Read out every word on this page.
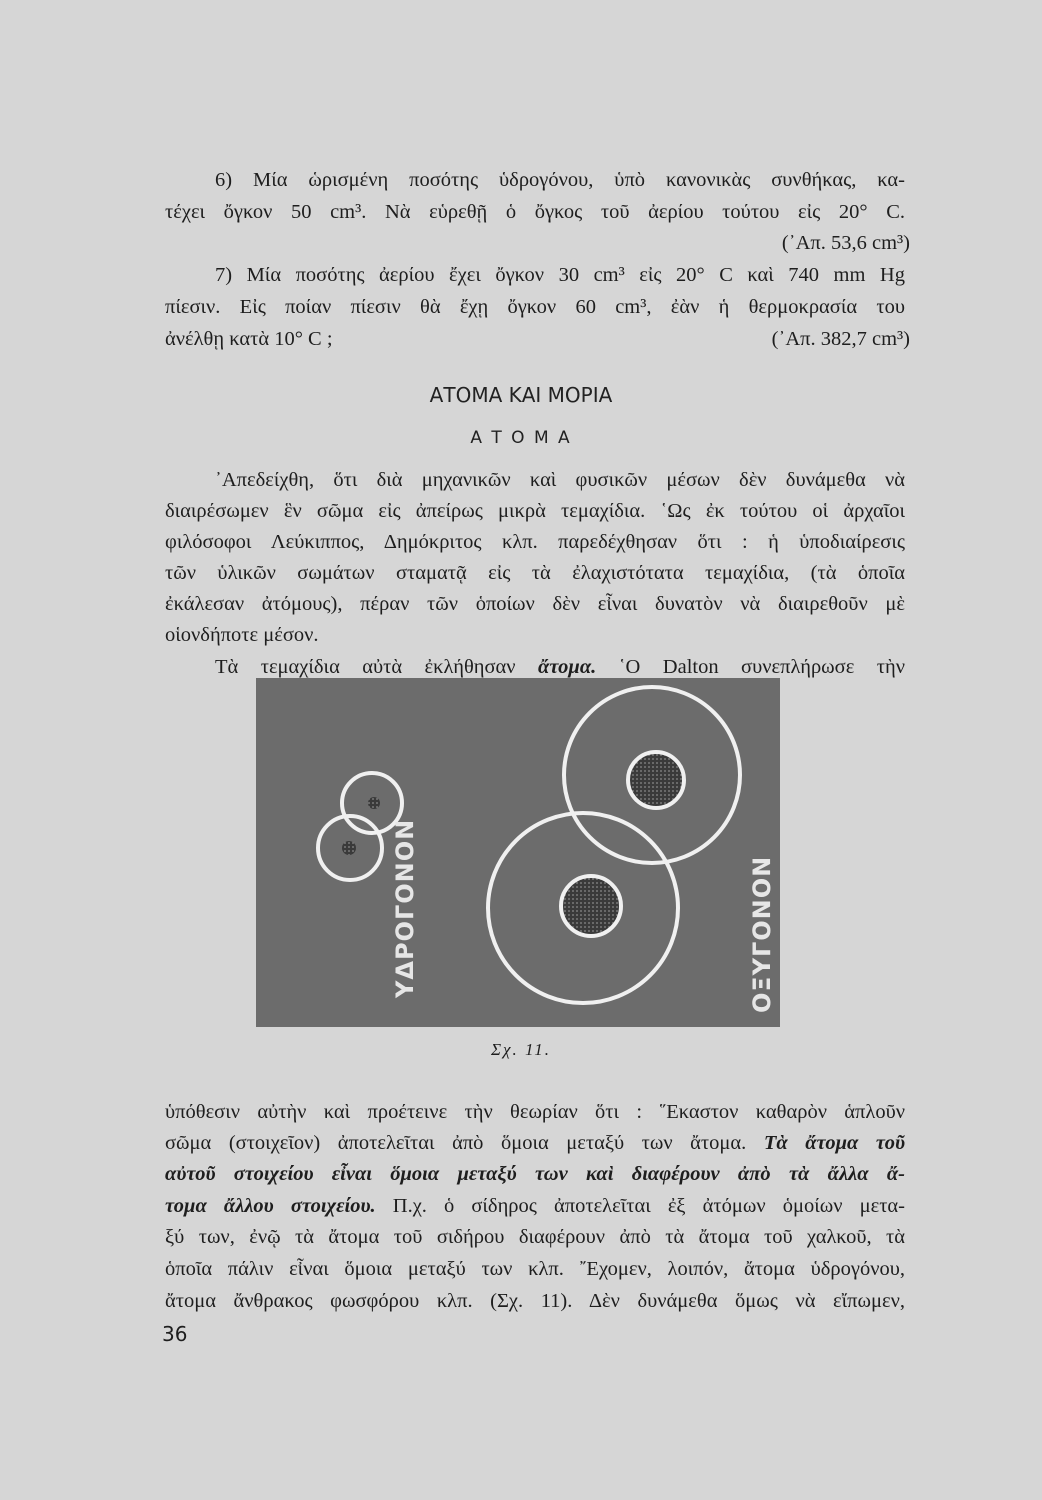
6) Μία ὡρισμένη ποσότης ὑδρογόνου, ὑπὸ κανονικὰς συνθήκας, κα-
τέχει ὄγκον 50 cm³. Νὰ εὑρεθῇ ὁ ὄγκος τοῦ ἀερίου τούτου εἰς 20° C.
(᾿Απ. 53,6 cm³)
7) Μία ποσότης ἀερίου ἔχει ὄγκον 30 cm³ εἰς 20° C καὶ 740 mm Hg
πίεσιν. Εἰς ποίαν πίεσιν θὰ ἔχῃ ὄγκον 60 cm³, ἐὰν ἡ θερμοκρασία του
ἀνέλθῃ κατὰ 10° C ;	(᾿Απ. 382,7 cm³)
ΑΤΟΜΑ ΚΑΙ ΜΟΡΙΑ
Α Τ Ο Μ Α
᾿Απεδείχθη, ὅτι διὰ μηχανικῶν καὶ φυσικῶν μέσων δὲν δυνάμεθα νὰ
διαιρέσωμεν ἓν σῶμα εἰς ἀπείρως μικρὰ τεμαχίδια. ῾Ως ἐκ τούτου οἱ ἀρχαῖοι
φιλόσοφοι Λεύκιππος, Δημόκριτος κλπ. παρεδέχθησαν ὅτι : ἡ ὑποδιαίρεσις
τῶν ὑλικῶν σωμάτων σταματᾷ εἰς τὰ ἐλαχιστότατα τεμαχίδια, (τὰ ὁποῖα
ἐκάλεσαν ἀτόμους), πέραν τῶν ὁποίων δὲν εἶναι δυνατὸν νὰ διαιρεθοῦν μὲ
οἱονδήποτε μέσον.
Τὰ τεμαχίδια αὐτὰ ἐκλήθησαν ἄτομα. ῾Ο Dalton συνεπλήρωσε τὴν
ΥΔΡΟΓΟΝΟΝ	ΟΞΥΓΟΝΟΝ
Σχ. 11.
ὑπόθεσιν αὐτὴν καὶ προέτεινε τὴν θεωρίαν ὅτι : ῞Εκαστον καθαρὸν ἁπλοῦν
σῶμα (στοιχεῖον) ἀποτελεῖται ἀπὸ ὅμοια μεταξύ των ἄτομα. Τὰ ἄτομα τοῦ
αὐτοῦ στοιχείου εἶναι ὅμοια μεταξύ των καὶ διαφέρουν ἀπὸ τὰ ἄλλα ἄ-
τομα ἄλλου στοιχείου. Π.χ. ὁ σίδηρος ἀποτελεῖται ἐξ ἀτόμων ὁμοίων μετα-
ξύ των, ἐνῷ τὰ ἄτομα τοῦ σιδήρου διαφέρουν ἀπὸ τὰ ἄτομα τοῦ χαλκοῦ, τὰ
ὁποῖα πάλιν εἶναι ὅμοια μεταξύ των κλπ. ῎Εχομεν, λοιπόν, ἄτομα ὑδρογόνου,
ἄτομα ἄνθρακος φωσφόρου κλπ. (Σχ. 11). Δὲν δυνάμεθα ὅμως νὰ εἴπωμεν,
36
